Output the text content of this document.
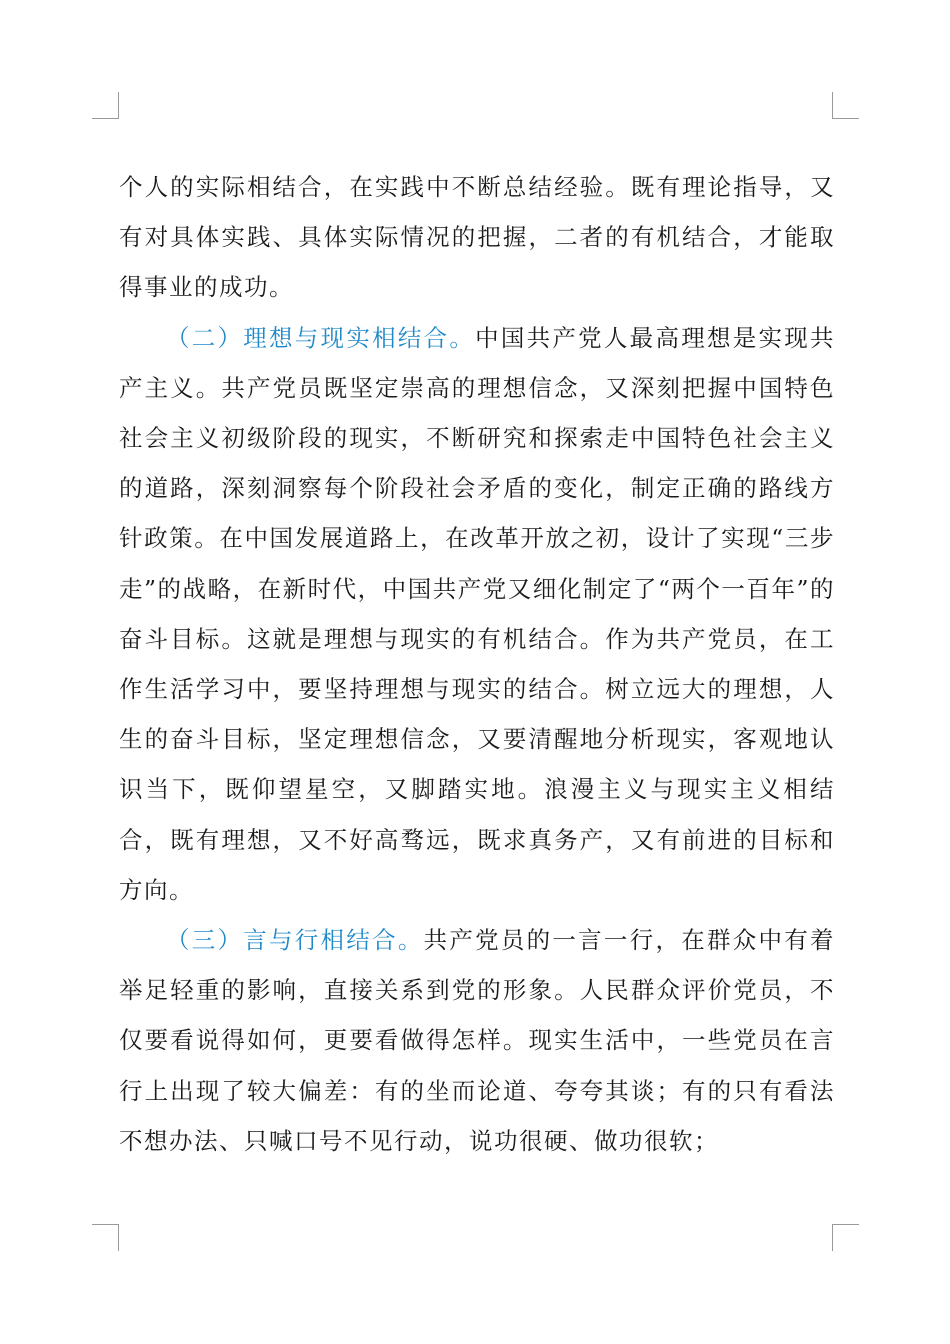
个人的实际相结合，在实践中不断总结经验。既有理论指导，又有对具体实践、具体实际情况的把握，二者的有机结合，才能取得事业的成功。

（二）理想与现实相结合。中国共产党人最高理想是实现共产主义。共产党员既坚定崇高的理想信念，又深刻把握中国特色社会主义初级阶段的现实，不断研究和探索走中国特色社会主义的道路，深刻洞察每个阶段社会矛盾的变化，制定正确的路线方针政策。在中国发展道路上，在改革开放之初，设计了实现“三步走”的战略，在新时代，中国共产党又细化制定了“两个一百年”的奋斗目标。这就是理想与现实的有机结合。作为共产党员，在工作生活学习中，要坚持理想与现实的结合。树立远大的理想，人生的奋斗目标，坚定理想信念，又要清醒地分析现实，客观地认识当下，既仰望星空，又脚踏实地。浪漫主义与现实主义相结合，既有理想，又不好高骛远，既求真务产，又有前进的目标和方向。

（三）言与行相结合。共产党员的一言一行，在群众中有着举足轻重的影响，直接关系到党的形象。人民群众评价党员，不仅要看说得如何，更要看做得怎样。现实生活中，一些党员在言行上出现了较大偏差：有的坐而论道、夸夸其谈；有的只有看法不想办法、只喊口号不见行动，说功很硬、做功很软；
